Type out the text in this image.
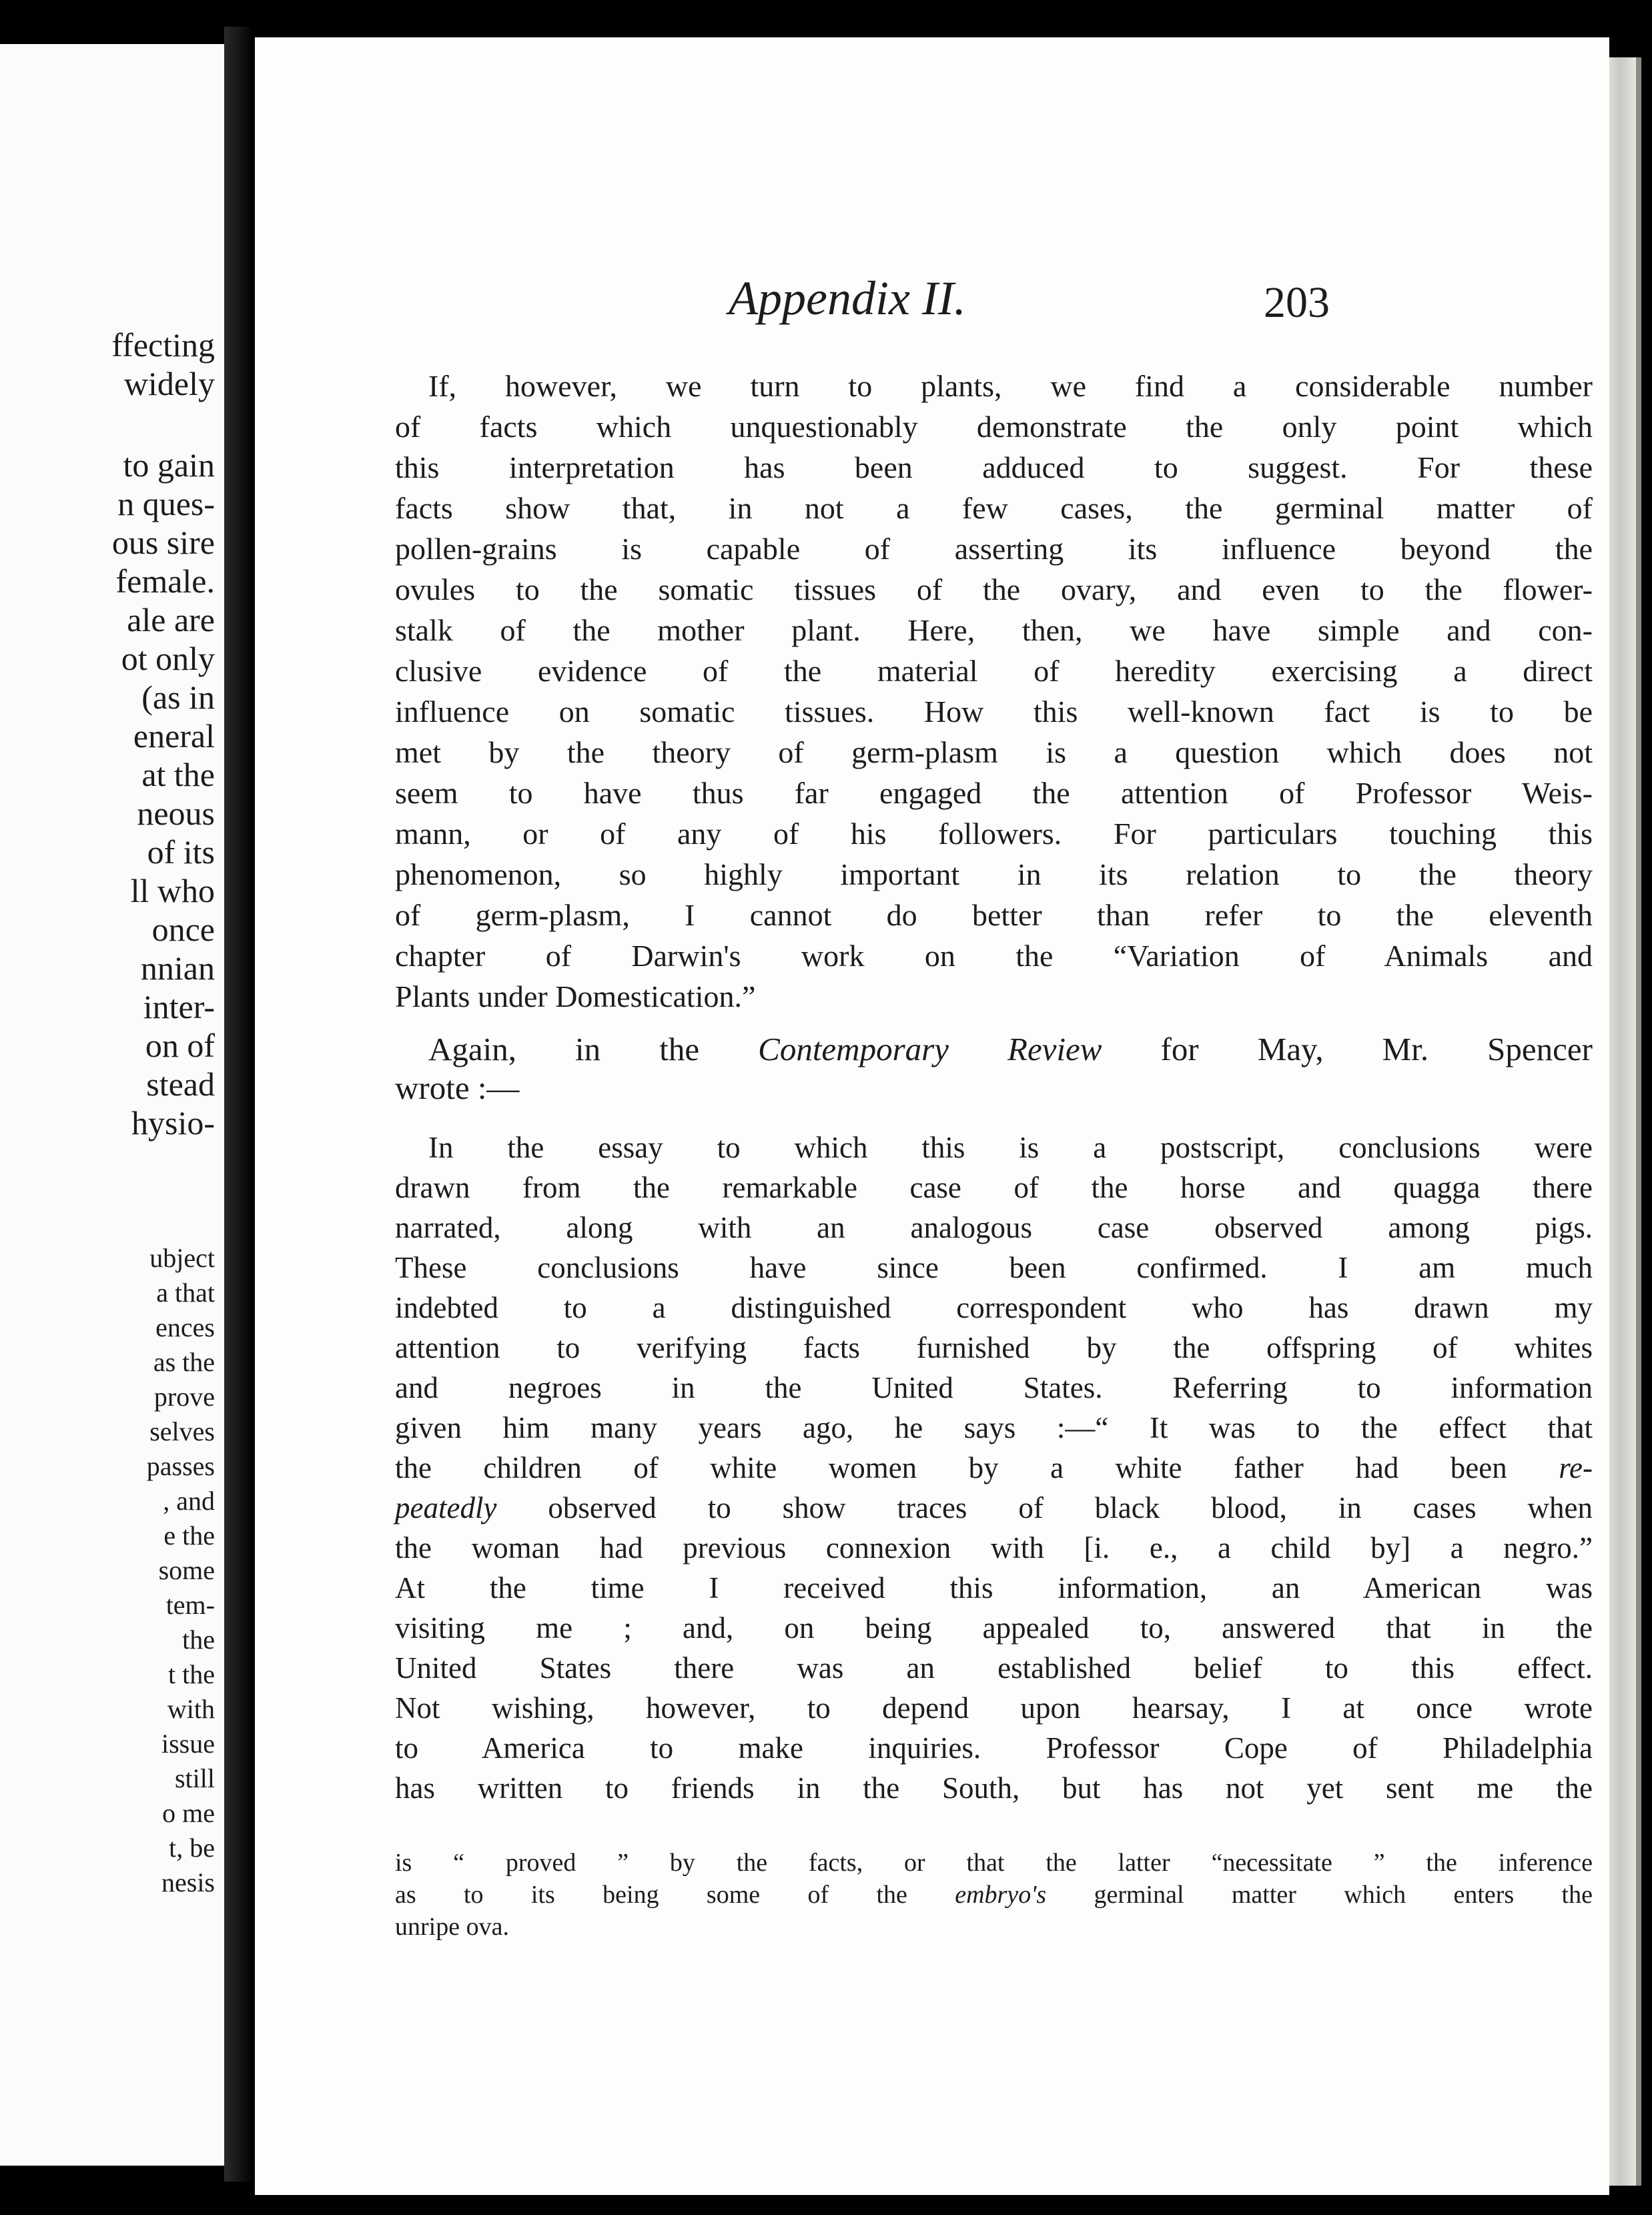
ffecting
widely
to gain
n ques-
ous sire
female.
ale are
ot only
(as in
eneral
at the
neous
of its
ll who
once
nnian
inter-
on of
stead
hysio-
ubject
a that
ences
as the
prove
selves
passes
, and
e the
some
tem-
the
t the
with
issue
still
o me
t, be
nesis
Appendix II.	203

If, however, we turn to plants, we find a considerable number

of facts which unquestionably demonstrate the only point which

this interpretation has been adduced to suggest. For these

facts show that, in not a few cases, the germinal matter of

pollen-grains is capable of asserting its influence beyond the

ovules to the somatic tissues of the ovary, and even to the flower-

stalk of the mother plant. Here, then, we have simple and con-

clusive evidence of the material of heredity exercising a direct

influence on somatic tissues. How this well-known fact is to be

met by the theory of germ-plasm is a question which does not

seem to have thus far engaged the attention of Professor Weis-

mann, or of any of his followers. For particulars touching this

phenomenon, so highly important in its relation to the theory

of germ-plasm, I cannot do better than refer to the eleventh

chapter of Darwin's work on the “Variation of Animals and

Plants under Domestication.”

Again, in the Contemporary Review for May, Mr. Spencer

wrote :—

In the essay to which this is a postscript, conclusions were

drawn from the remarkable case of the horse and quagga there

narrated, along with an analogous case observed among pigs.

These conclusions have since been confirmed. I am much

indebted to a distinguished correspondent who has drawn my

attention to verifying facts furnished by the offspring of whites

and negroes in the United States. Referring to information

given him many years ago, he says :—“ It was to the effect that

the children of white women by a white father had been re-

peatedly observed to show traces of black blood, in cases when

the woman had previous connexion with [i. e., a child by] a negro.”

At the time I received this information, an American was

visiting me ; and, on being appealed to, answered that in the

United States there was an established belief to this effect.

Not wishing, however, to depend upon hearsay, I at once wrote

to America to make inquiries. Professor Cope of Philadelphia

has written to friends in the South, but has not yet sent me the

is “ proved ” by the facts, or that the latter “necessitate ” the inference

as to its being some of the embryo's germinal matter which enters the

unripe ova.
